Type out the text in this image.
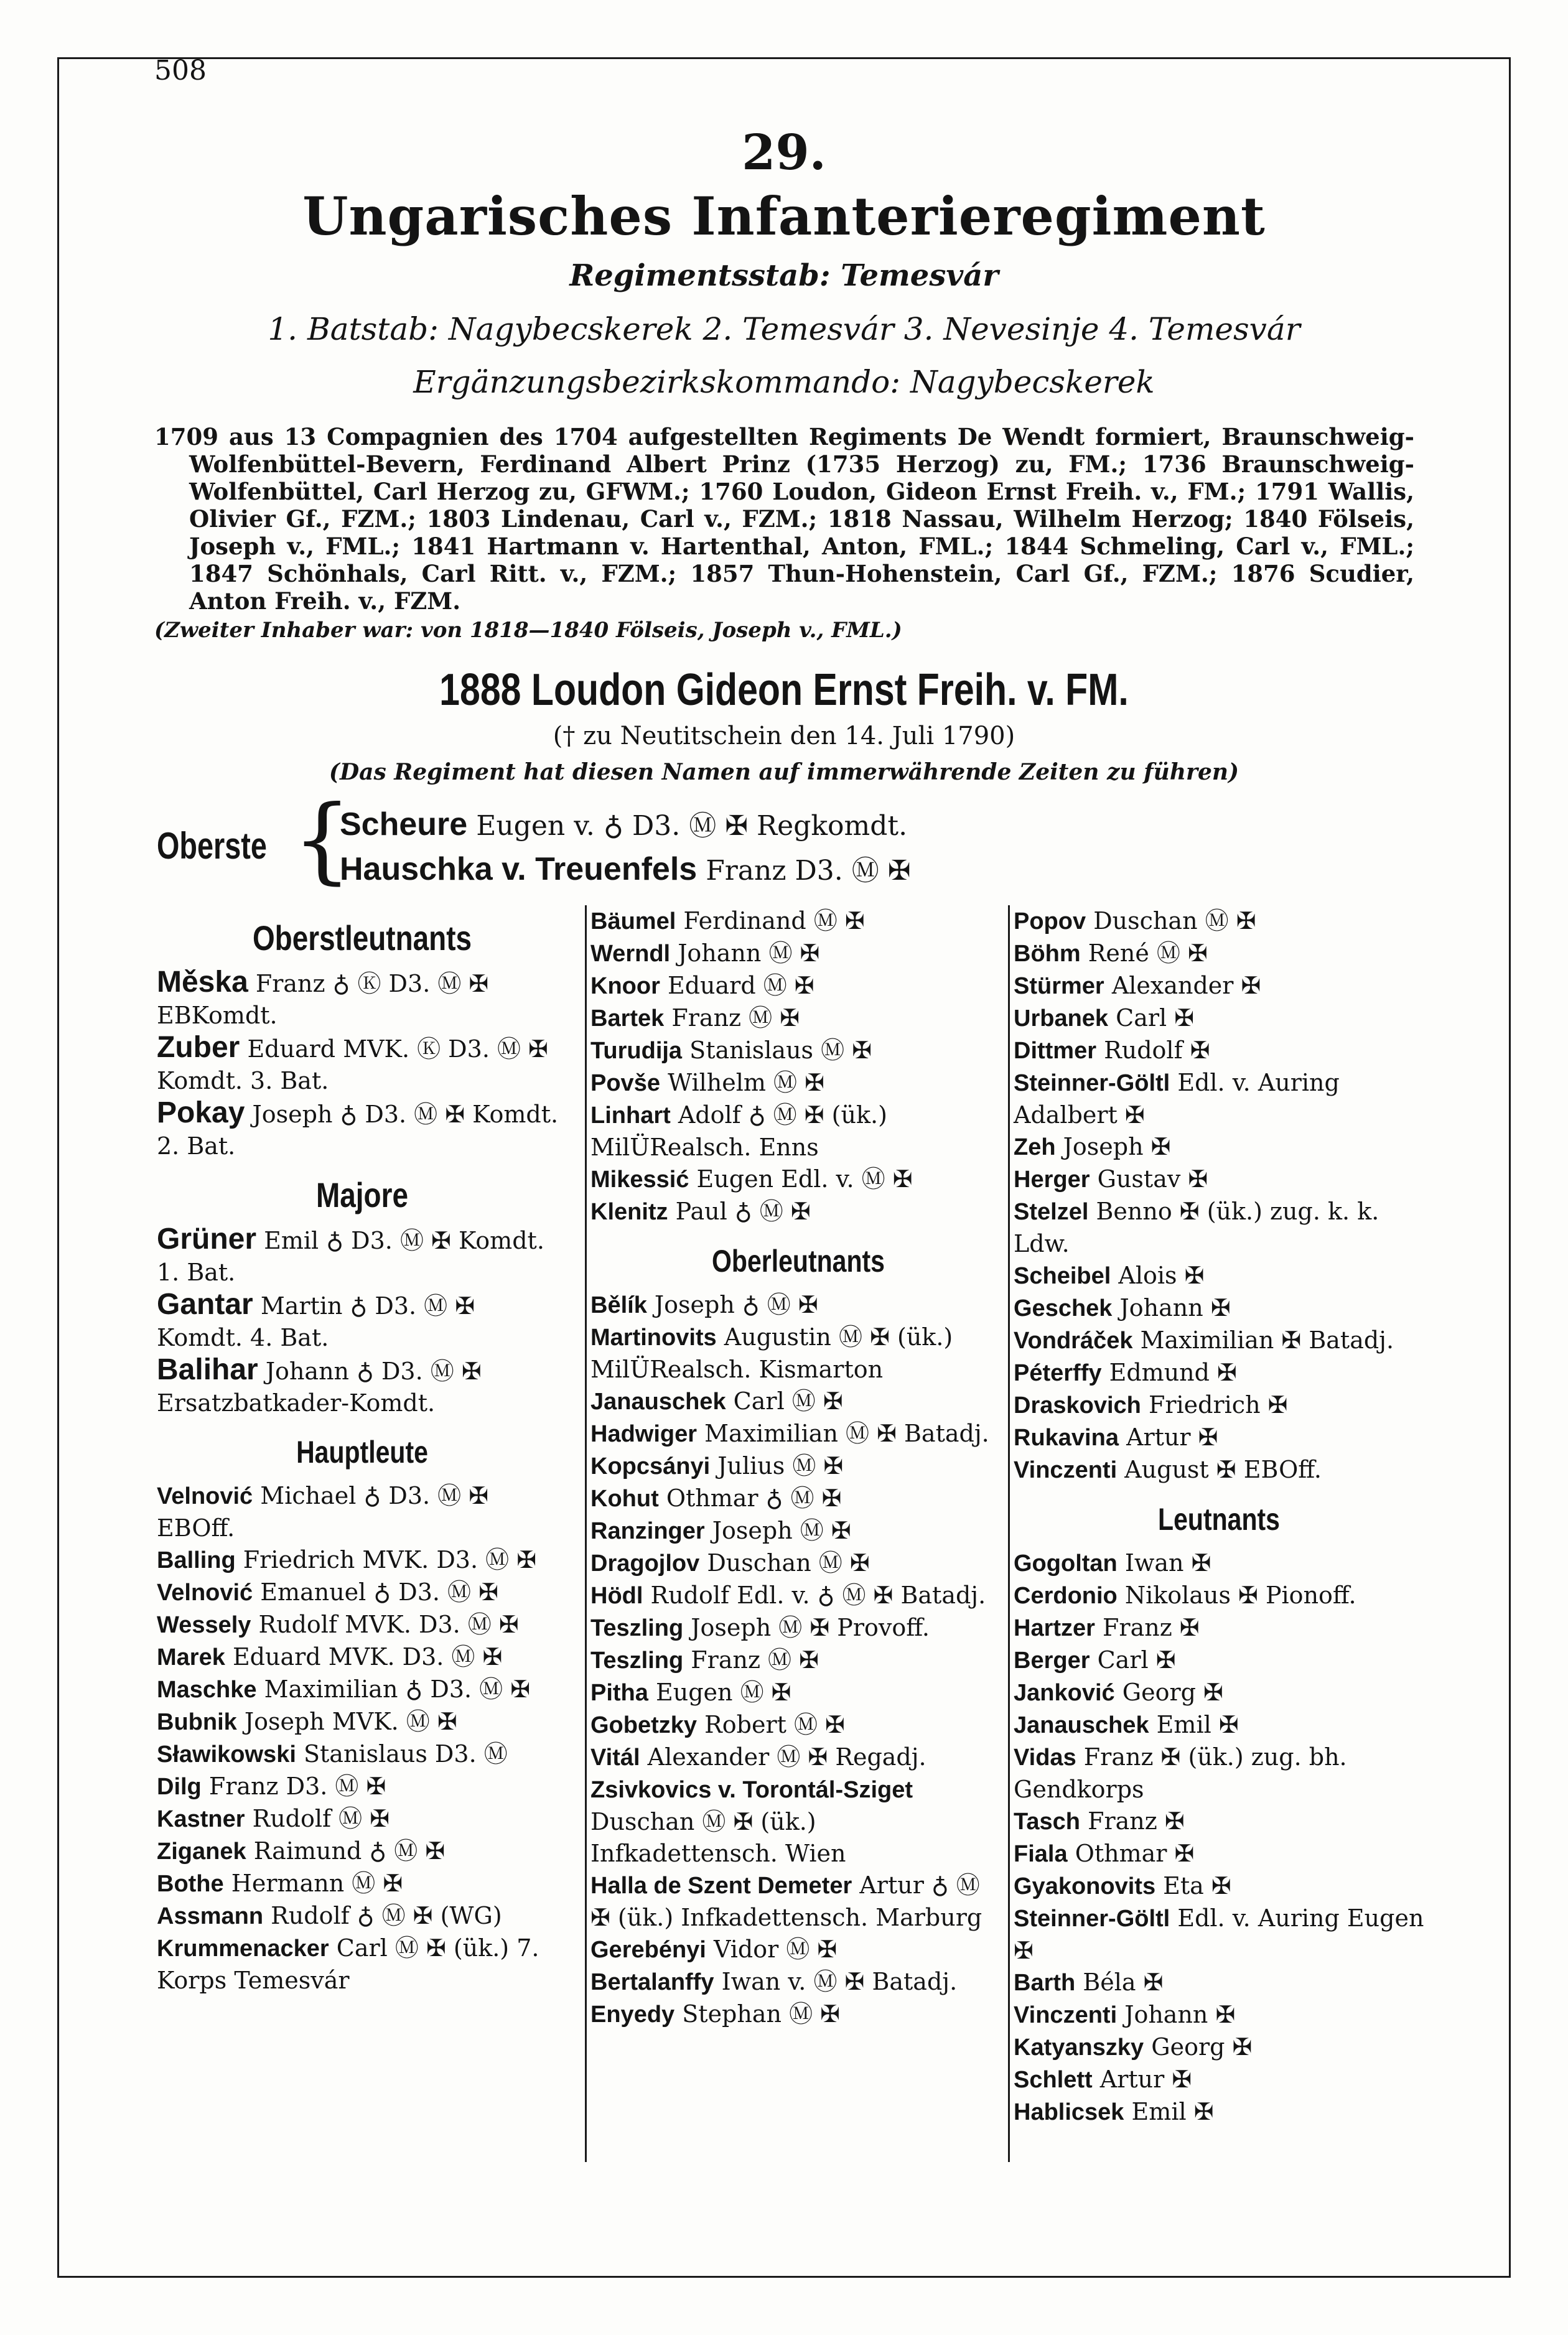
508
29.
Ungarisches Infanterieregiment
Regimentsstab: Temesvár
1. Batstab: Nagybecskerek 2. Temesvár 3. Nevesinje 4. Temesvár
Ergänzungsbezirkskommando: Nagybecskerek

1709 aus 13 Compagnien des 1704 aufgestellten Regiments De Wendt formiert, Braunschweig-Wolfenbüttel-Bevern, Ferdinand Albert Prinz (1735 Herzog) zu, FM.; 1736 Braunschweig-Wolfenbüttel, Carl Herzog zu, GFWM.; 1760 Loudon, Gideon Ernst Freih. v., FM.; 1791 Wallis, Olivier Gf., FZM.; 1803 Lindenau, Carl v., FZM.; 1818 Nassau, Wilhelm Herzog; 1840 Fölseis, Joseph v., FML.; 1841 Hartmann v. Hartenthal, Anton, FML.; 1844 Schmeling, Carl v., FML.; 1847 Schönhals, Carl Ritt. v., FZM.; 1857 Thun-Hohenstein, Carl Gf., FZM.; 1876 Scudier, Anton Freih. v., FZM.

(Zweiter Inhaber war: von 1818—1840 Fölseis, Joseph v., FML.)
1888 Loudon Gideon Ernst Freih. v. FM.
(† zu Neutitschein den 14. Juli 1790)
(Das Regiment hat diesen Namen auf immerwährende Zeiten zu führen)
Oberste {
Scheure Eugen v. ♁ D3. Ⓜ ✠ Regkomdt.
Hauschka v. Treuenfels Franz D3. Ⓜ ✠
Oberstleutnants
Měska Franz ♁ Ⓚ D3. Ⓜ ✠ EBKomdt.
Zuber Eduard MVK. Ⓚ D3. Ⓜ ✠ Komdt. 3. Bat.
Pokay Joseph ♁ D3. Ⓜ ✠ Komdt. 2. Bat.
Majore
Grüner Emil ♁ D3. Ⓜ ✠ Komdt. 1. Bat.
Gantar Martin ♁ D3. Ⓜ ✠ Komdt. 4. Bat.
Balihar Johann ♁ D3. Ⓜ ✠ Ersatzbatkader-Komdt.
Hauptleute
Velnović Michael ♁ D3. Ⓜ ✠ EBOff.
Balling Friedrich MVK. D3. Ⓜ ✠
Velnović Emanuel ♁ D3. Ⓜ ✠
Wessely Rudolf MVK. D3. Ⓜ ✠
Marek Eduard MVK. D3. Ⓜ ✠
Maschke Maximilian ♁ D3. Ⓜ ✠
Bubnik Joseph MVK. Ⓜ ✠
Sławikowski Stanislaus D3. Ⓜ
Dilg Franz D3. Ⓜ ✠
Kastner Rudolf Ⓜ ✠
Ziganek Raimund ♁ Ⓜ ✠
Bothe Hermann Ⓜ ✠
Assmann Rudolf ♁ Ⓜ ✠ (WG)
Krummenacker Carl Ⓜ ✠ (ük.) 7. Korps Temesvár
Bäumel Ferdinand Ⓜ ✠
Werndl Johann Ⓜ ✠
Knoor Eduard Ⓜ ✠
Bartek Franz Ⓜ ✠
Turudija Stanislaus Ⓜ ✠
Povše Wilhelm Ⓜ ✠
Linhart Adolf ♁ Ⓜ ✠ (ük.) MilÜRealsch. Enns
Mikessić Eugen Edl. v. Ⓜ ✠
Klenitz Paul ♁ Ⓜ ✠
Oberleutnants
Bělík Joseph ♁ Ⓜ ✠
Martinovits Augustin Ⓜ ✠ (ük.) MilÜRealsch. Kismarton
Janauschek Carl Ⓜ ✠
Hadwiger Maximilian Ⓜ ✠ Batadj.
Kopcsányi Julius Ⓜ ✠
Kohut Othmar ♁ Ⓜ ✠
Ranzinger Joseph Ⓜ ✠
Dragojlov Duschan Ⓜ ✠
Hödl Rudolf Edl. v. ♁ Ⓜ ✠ Batadj.
Teszling Joseph Ⓜ ✠ Provoff.
Teszling Franz Ⓜ ✠
Pitha Eugen Ⓜ ✠
Gobetzky Robert Ⓜ ✠
Vitál Alexander Ⓜ ✠ Regadj.
Zsivkovics v. Torontál-Sziget Duschan Ⓜ ✠ (ük.) Infkadettensch. Wien
Halla de Szent Demeter Artur ♁ Ⓜ ✠ (ük.) Infkadettensch. Marburg
Gerebényi Vidor Ⓜ ✠
Bertalanffy Iwan v. Ⓜ ✠ Batadj.
Enyedy Stephan Ⓜ ✠
Popov Duschan Ⓜ ✠
Böhm René Ⓜ ✠
Stürmer Alexander ✠
Urbanek Carl ✠
Dittmer Rudolf ✠
Steinner-Göltl Edl. v. Auring Adalbert ✠
Zeh Joseph ✠
Herger Gustav ✠
Stelzel Benno ✠ (ük.) zug. k. k. Ldw.
Scheibel Alois ✠
Geschek Johann ✠
Vondráček Maximilian ✠ Batadj.
Péterffy Edmund ✠
Draskovich Friedrich ✠
Rukavina Artur ✠
Vinczenti August ✠ EBOff.
Leutnants
Gogoltan Iwan ✠
Cerdonio Nikolaus ✠ Pionoff.
Hartzer Franz ✠
Berger Carl ✠
Janković Georg ✠
Janauschek Emil ✠
Vidas Franz ✠ (ük.) zug. bh. Gendkorps
Tasch Franz ✠
Fiala Othmar ✠
Gyakonovits Eta ✠
Steinner-Göltl Edl. v. Auring Eugen ✠
Barth Béla ✠
Vinczenti Johann ✠
Katyanszky Georg ✠
Schlett Artur ✠
Hablicsek Emil ✠
